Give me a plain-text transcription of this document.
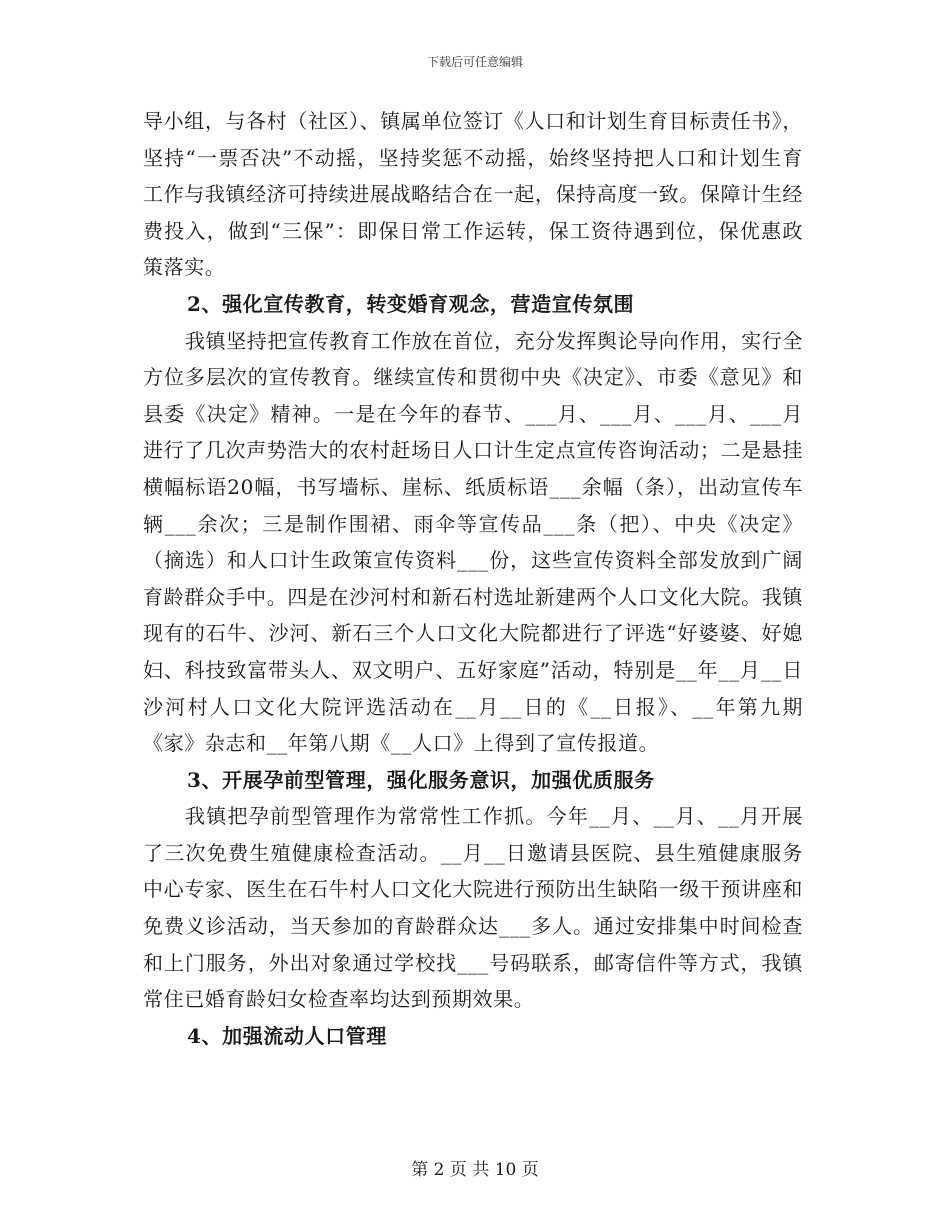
下载后可任意编辑

导小组，与各村（社区）、镇属单位签订《人口和计划生育目标责任书》，坚持“一票否决”不动摇，坚持奖惩不动摇，始终坚持把人口和计划生育工作与我镇经济可持续进展战略结合在一起，保持高度一致。保障计生经费投入，做到“三保”：即保日常工作运转，保工资待遇到位，保优惠政策落实。

2、强化宣传教育，转变婚育观念，营造宣传氛围

我镇坚持把宣传教育工作放在首位，充分发挥舆论导向作用，实行全方位多层次的宣传教育。继续宣传和贯彻中央《决定》、市委《意见》和县委《决定》精神。一是在今年的春节、___月、___月、___月、___月进行了几次声势浩大的农村赶场日人口计生定点宣传咨询活动；二是悬挂横幅标语20幅，书写墙标、崖标、纸质标语___余幅（条），出动宣传车辆___余次；三是制作围裙、雨伞等宣传品___条（把）、中央《决定》（摘选）和人口计生政策宣传资料___份，这些宣传资料全部发放到广阔育龄群众手中。四是在沙河村和新石村选址新建两个人口文化大院。我镇现有的石牛、沙河、新石三个人口文化大院都进行了评选“好婆婆、好媳妇、科技致富带头人、双文明户、五好家庭”活动，特别是__年__月__日沙河村人口文化大院评选活动在__月__日的《__日报》、__年第九期《家》杂志和__年第八期《__人口》上得到了宣传报道。

3、开展孕前型管理，强化服务意识，加强优质服务

我镇把孕前型管理作为常常性工作抓。今年__月、__月、__月开展了三次免费生殖健康检查活动。__月__日邀请县医院、县生殖健康服务中心专家、医生在石牛村人口文化大院进行预防出生缺陷一级干预讲座和免费义诊活动，当天参加的育龄群众达___多人。通过安排集中时间检查和上门服务，外出对象通过学校找___号码联系，邮寄信件等方式，我镇常住已婚育龄妇女检查率均达到预期效果。

4、加强流动人口管理
第 2 页 共 10 页
